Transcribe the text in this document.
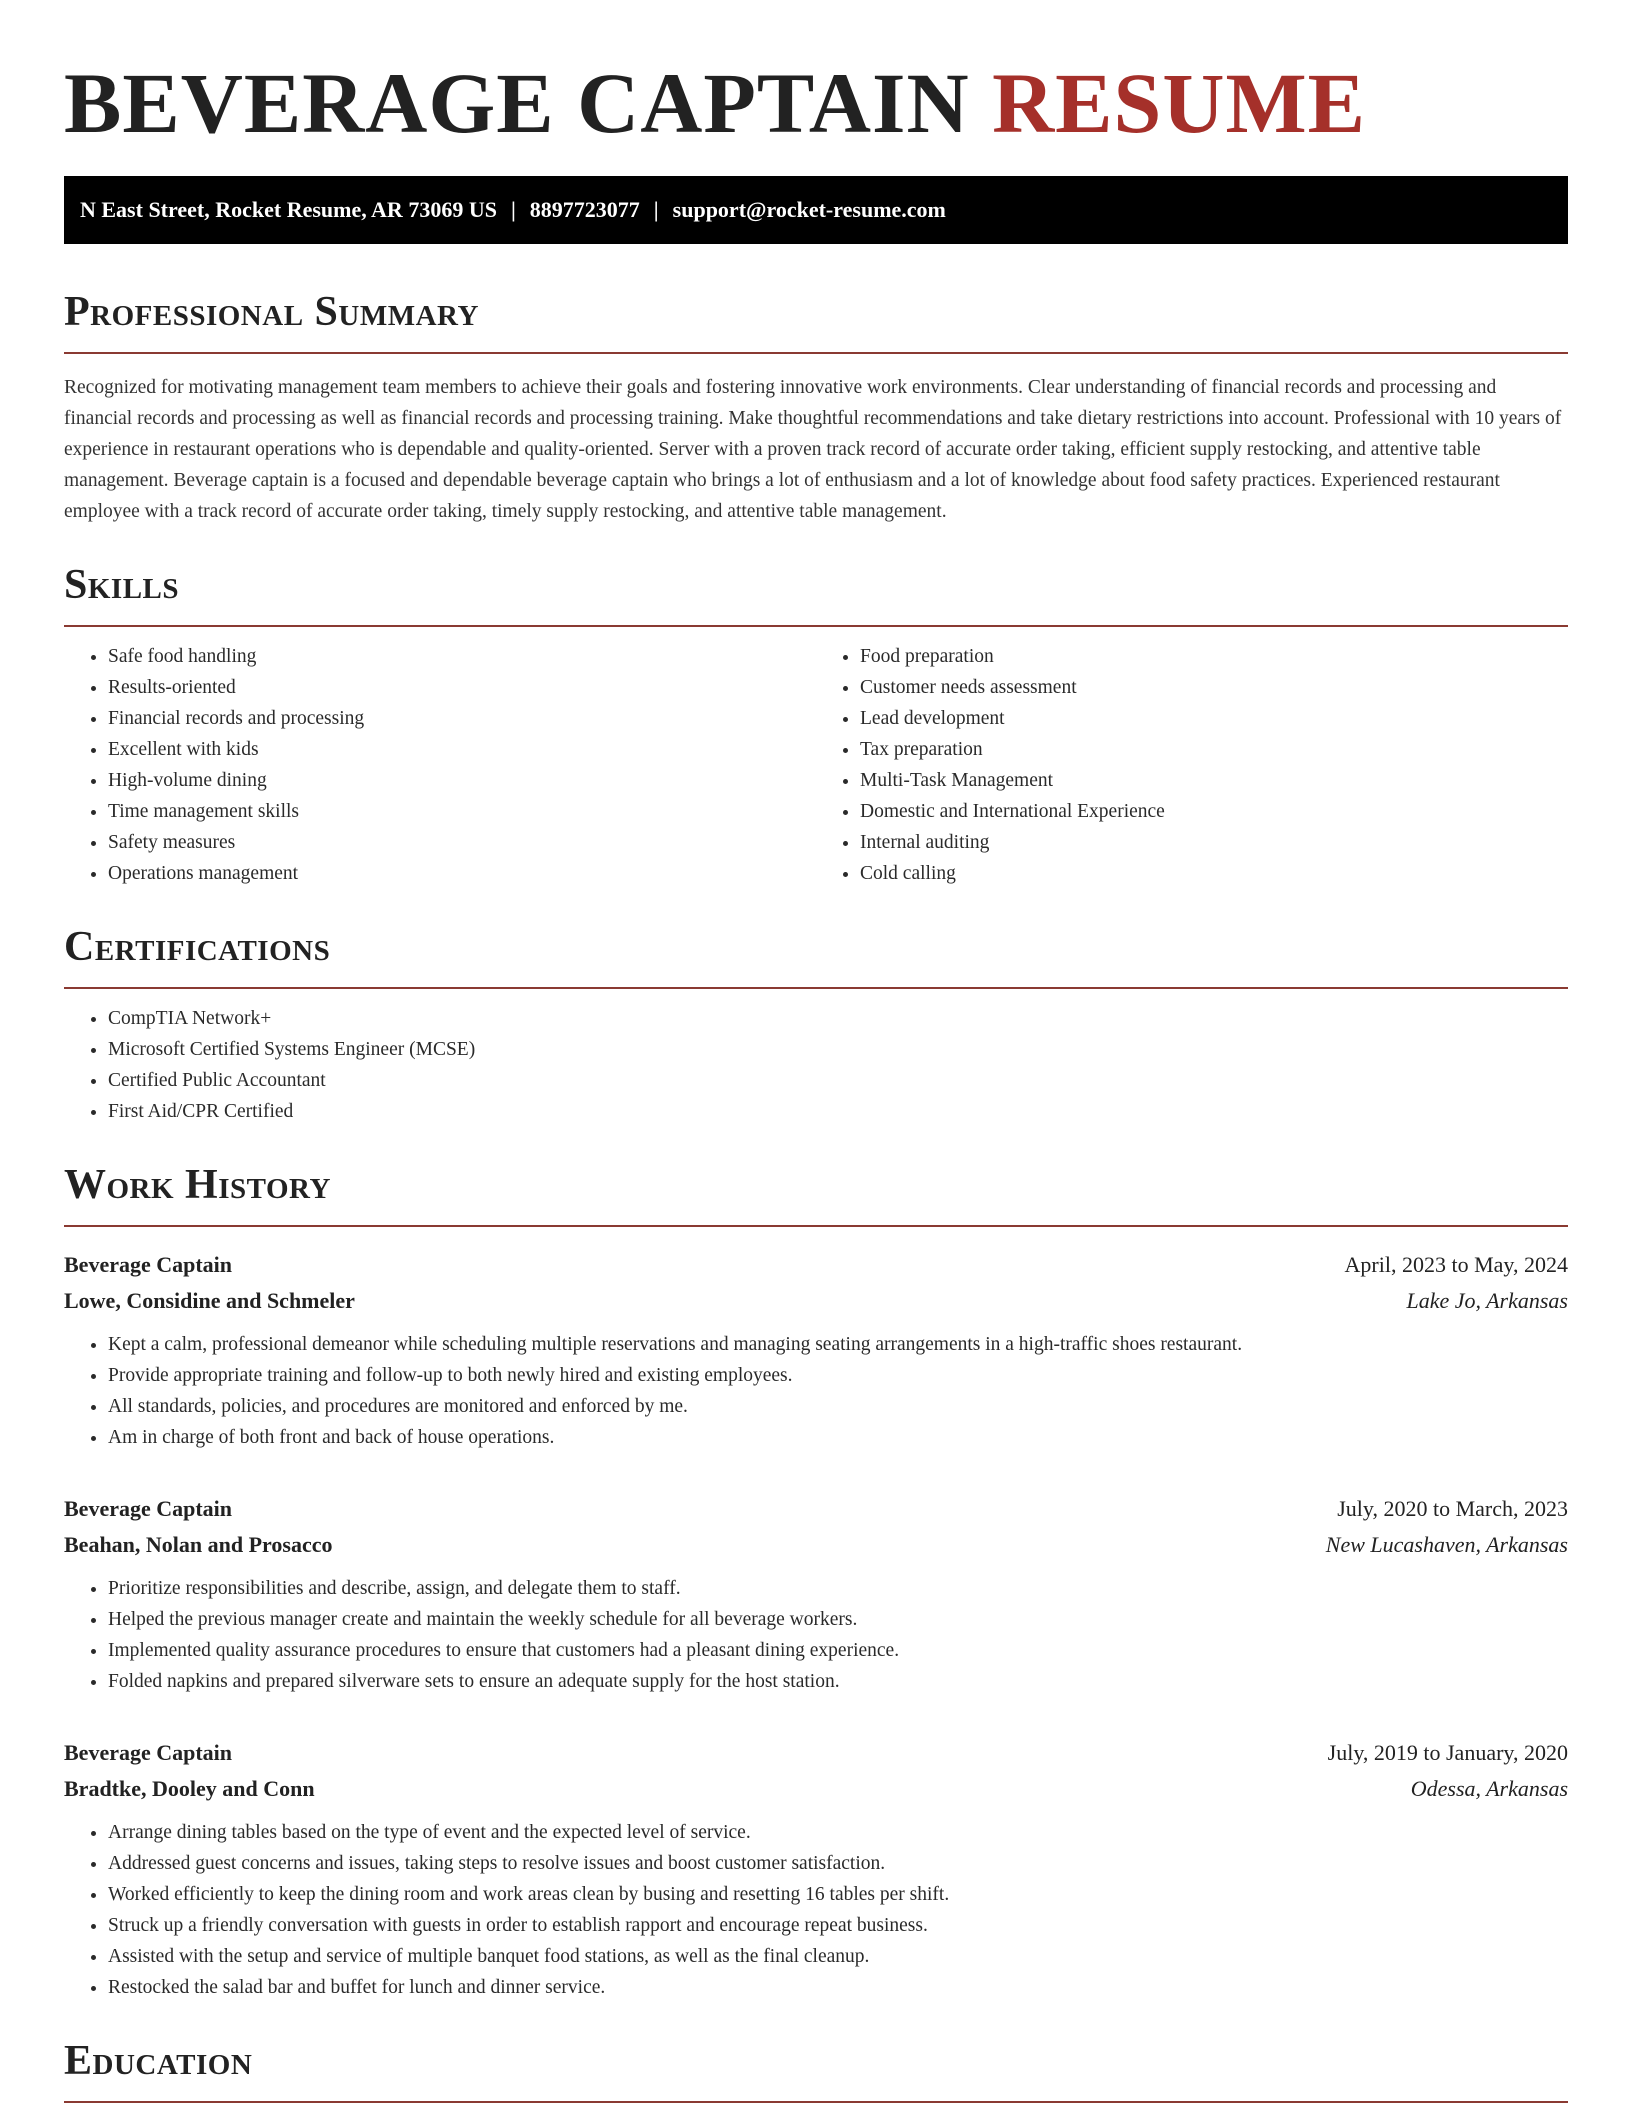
BEVERAGE CAPTAIN RESUME
N East Street, Rocket Resume, AR 73069 US | 8897723077 | support@rocket-resume.com
Professional Summary

Recognized for motivating management team members to achieve their goals and fostering innovative work environments. Clear understanding of financial records and processing and financial records and processing as well as financial records and processing training. Make thoughtful recommendations and take dietary restrictions into account. Professional with 10 years of experience in restaurant operations who is dependable and quality-oriented. Server with a proven track record of accurate order taking, efficient supply restocking, and attentive table management. Beverage captain is a focused and dependable beverage captain who brings a lot of enthusiasm and a lot of knowledge about food safety practices. Experienced restaurant employee with a track record of accurate order taking, timely supply restocking, and attentive table management.

Skills
• Safe food handling
• Results-oriented
• Financial records and processing
• Excellent with kids
• High-volume dining
• Time management skills
• Safety measures
• Operations management
• Food preparation
• Customer needs assessment
• Lead development
• Tax preparation
• Multi-Task Management
• Domestic and International Experience
• Internal auditing
• Cold calling
Certifications
• CompTIA Network+
• Microsoft Certified Systems Engineer (MCSE)
• Certified Public Accountant
• First Aid/CPR Certified
Work History
Beverage Captain	April, 2023 to May, 2024
Lowe, Considine and Schmeler	Lake Jo, Arkansas
• Kept a calm, professional demeanor while scheduling multiple reservations and managing seating arrangements in a high-traffic shoes restaurant.
• Provide appropriate training and follow-up to both newly hired and existing employees.
• All standards, policies, and procedures are monitored and enforced by me.
• Am in charge of both front and back of house operations.
Beverage Captain	July, 2020 to March, 2023
Beahan, Nolan and Prosacco	New Lucashaven, Arkansas
• Prioritize responsibilities and describe, assign, and delegate them to staff.
• Helped the previous manager create and maintain the weekly schedule for all beverage workers.
• Implemented quality assurance procedures to ensure that customers had a pleasant dining experience.
• Folded napkins and prepared silverware sets to ensure an adequate supply for the host station.
Beverage Captain	July, 2019 to January, 2020
Bradtke, Dooley and Conn	Odessa, Arkansas
• Arrange dining tables based on the type of event and the expected level of service.
• Addressed guest concerns and issues, taking steps to resolve issues and boost customer satisfaction.
• Worked efficiently to keep the dining room and work areas clean by busing and resetting 16 tables per shift.
• Struck up a friendly conversation with guests in order to establish rapport and encourage repeat business.
• Assisted with the setup and service of multiple banquet food stations, as well as the final cleanup.
• Restocked the salad bar and buffet for lunch and dinner service.
Education
